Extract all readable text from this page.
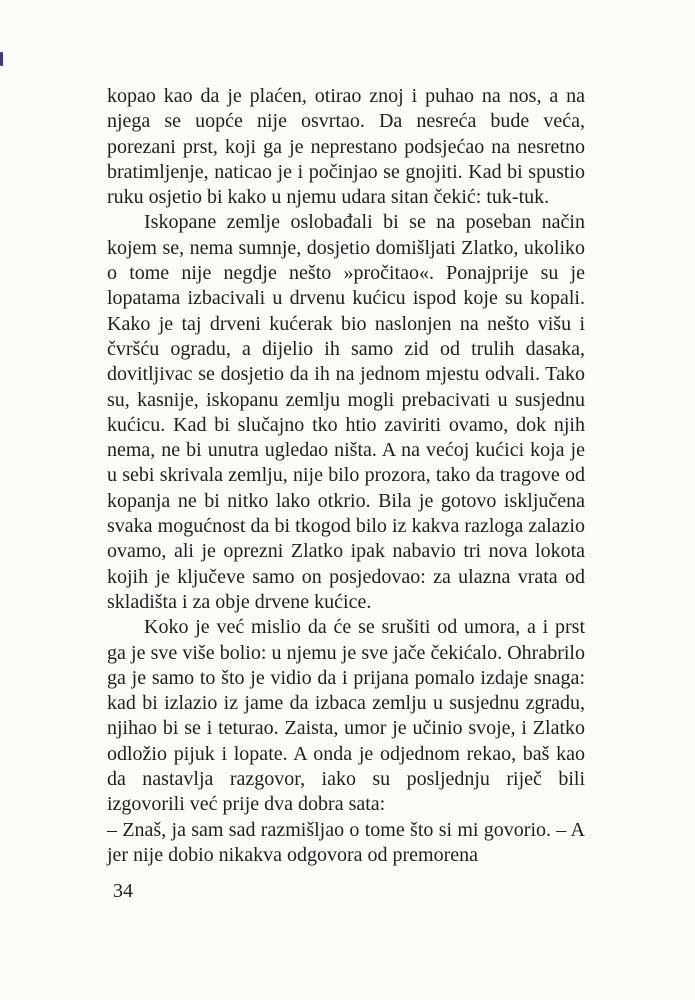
kopao kao da je plaćen, otirao znoj i puhao na nos, a na njega se uopće nije osvrtao. Da nesreća bude veća, porezani prst, koji ga je neprestano podsjećao na nesretno bratimljenje, naticao je i počinjao se gnojiti. Kad bi spustio ruku osjetio bi kako u njemu udara sitan čekić: tuk-tuk.

Iskopane zemlje oslobađali bi se na poseban način kojem se, nema sumnje, dosjetio domišljati Zlatko, ukoliko o tome nije negdje nešto »pročitao«. Ponajprije su je lopatama izbacivali u drvenu kućicu ispod koje su kopali. Kako je taj drveni kućerak bio naslonjen na nešto višu i čvršću ogradu, a dijelio ih samo zid od trulih dasaka, dovitljivac se dosjetio da ih na jednom mjestu odvali. Tako su, kasnije, iskopanu zemlju mogli prebacivati u susjednu kućicu. Kad bi slučajno tko htio zaviriti ovamo, dok njih nema, ne bi unutra ugledao ništa. A na većoj kućici koja je u sebi skrivala zemlju, nije bilo prozora, tako da tragove od kopanja ne bi nitko lako otkrio. Bila je gotovo isključena svaka mogućnost da bi tkogod bilo iz kakva razloga zalazio ovamo, ali je oprezni Zlatko ipak nabavio tri nova lokota kojih je ključeve samo on posjedovao: za ulazna vrata od skladišta i za obje drvene kućice.

Koko je već mislio da će se srušiti od umora, a i prst ga je sve više bolio: u njemu je sve jače čekićalo. Ohrabrilo ga je samo to što je vidio da i prijana pomalo izdaje snaga: kad bi izlazio iz jame da izbaca zemlju u susjednu zgradu, njihao bi se i teturao. Zaista, umor je učinio svoje, i Zlatko odložio pijuk i lopate. A onda je odjednom rekao, baš kao da nastavlja razgovor, iako su posljednju riječ bili izgovorili već prije dva dobra sata:

– Znaš, ja sam sad razmišljao o tome što si mi govorio. – A jer nije dobio nikakva odgovora od premorena

34
